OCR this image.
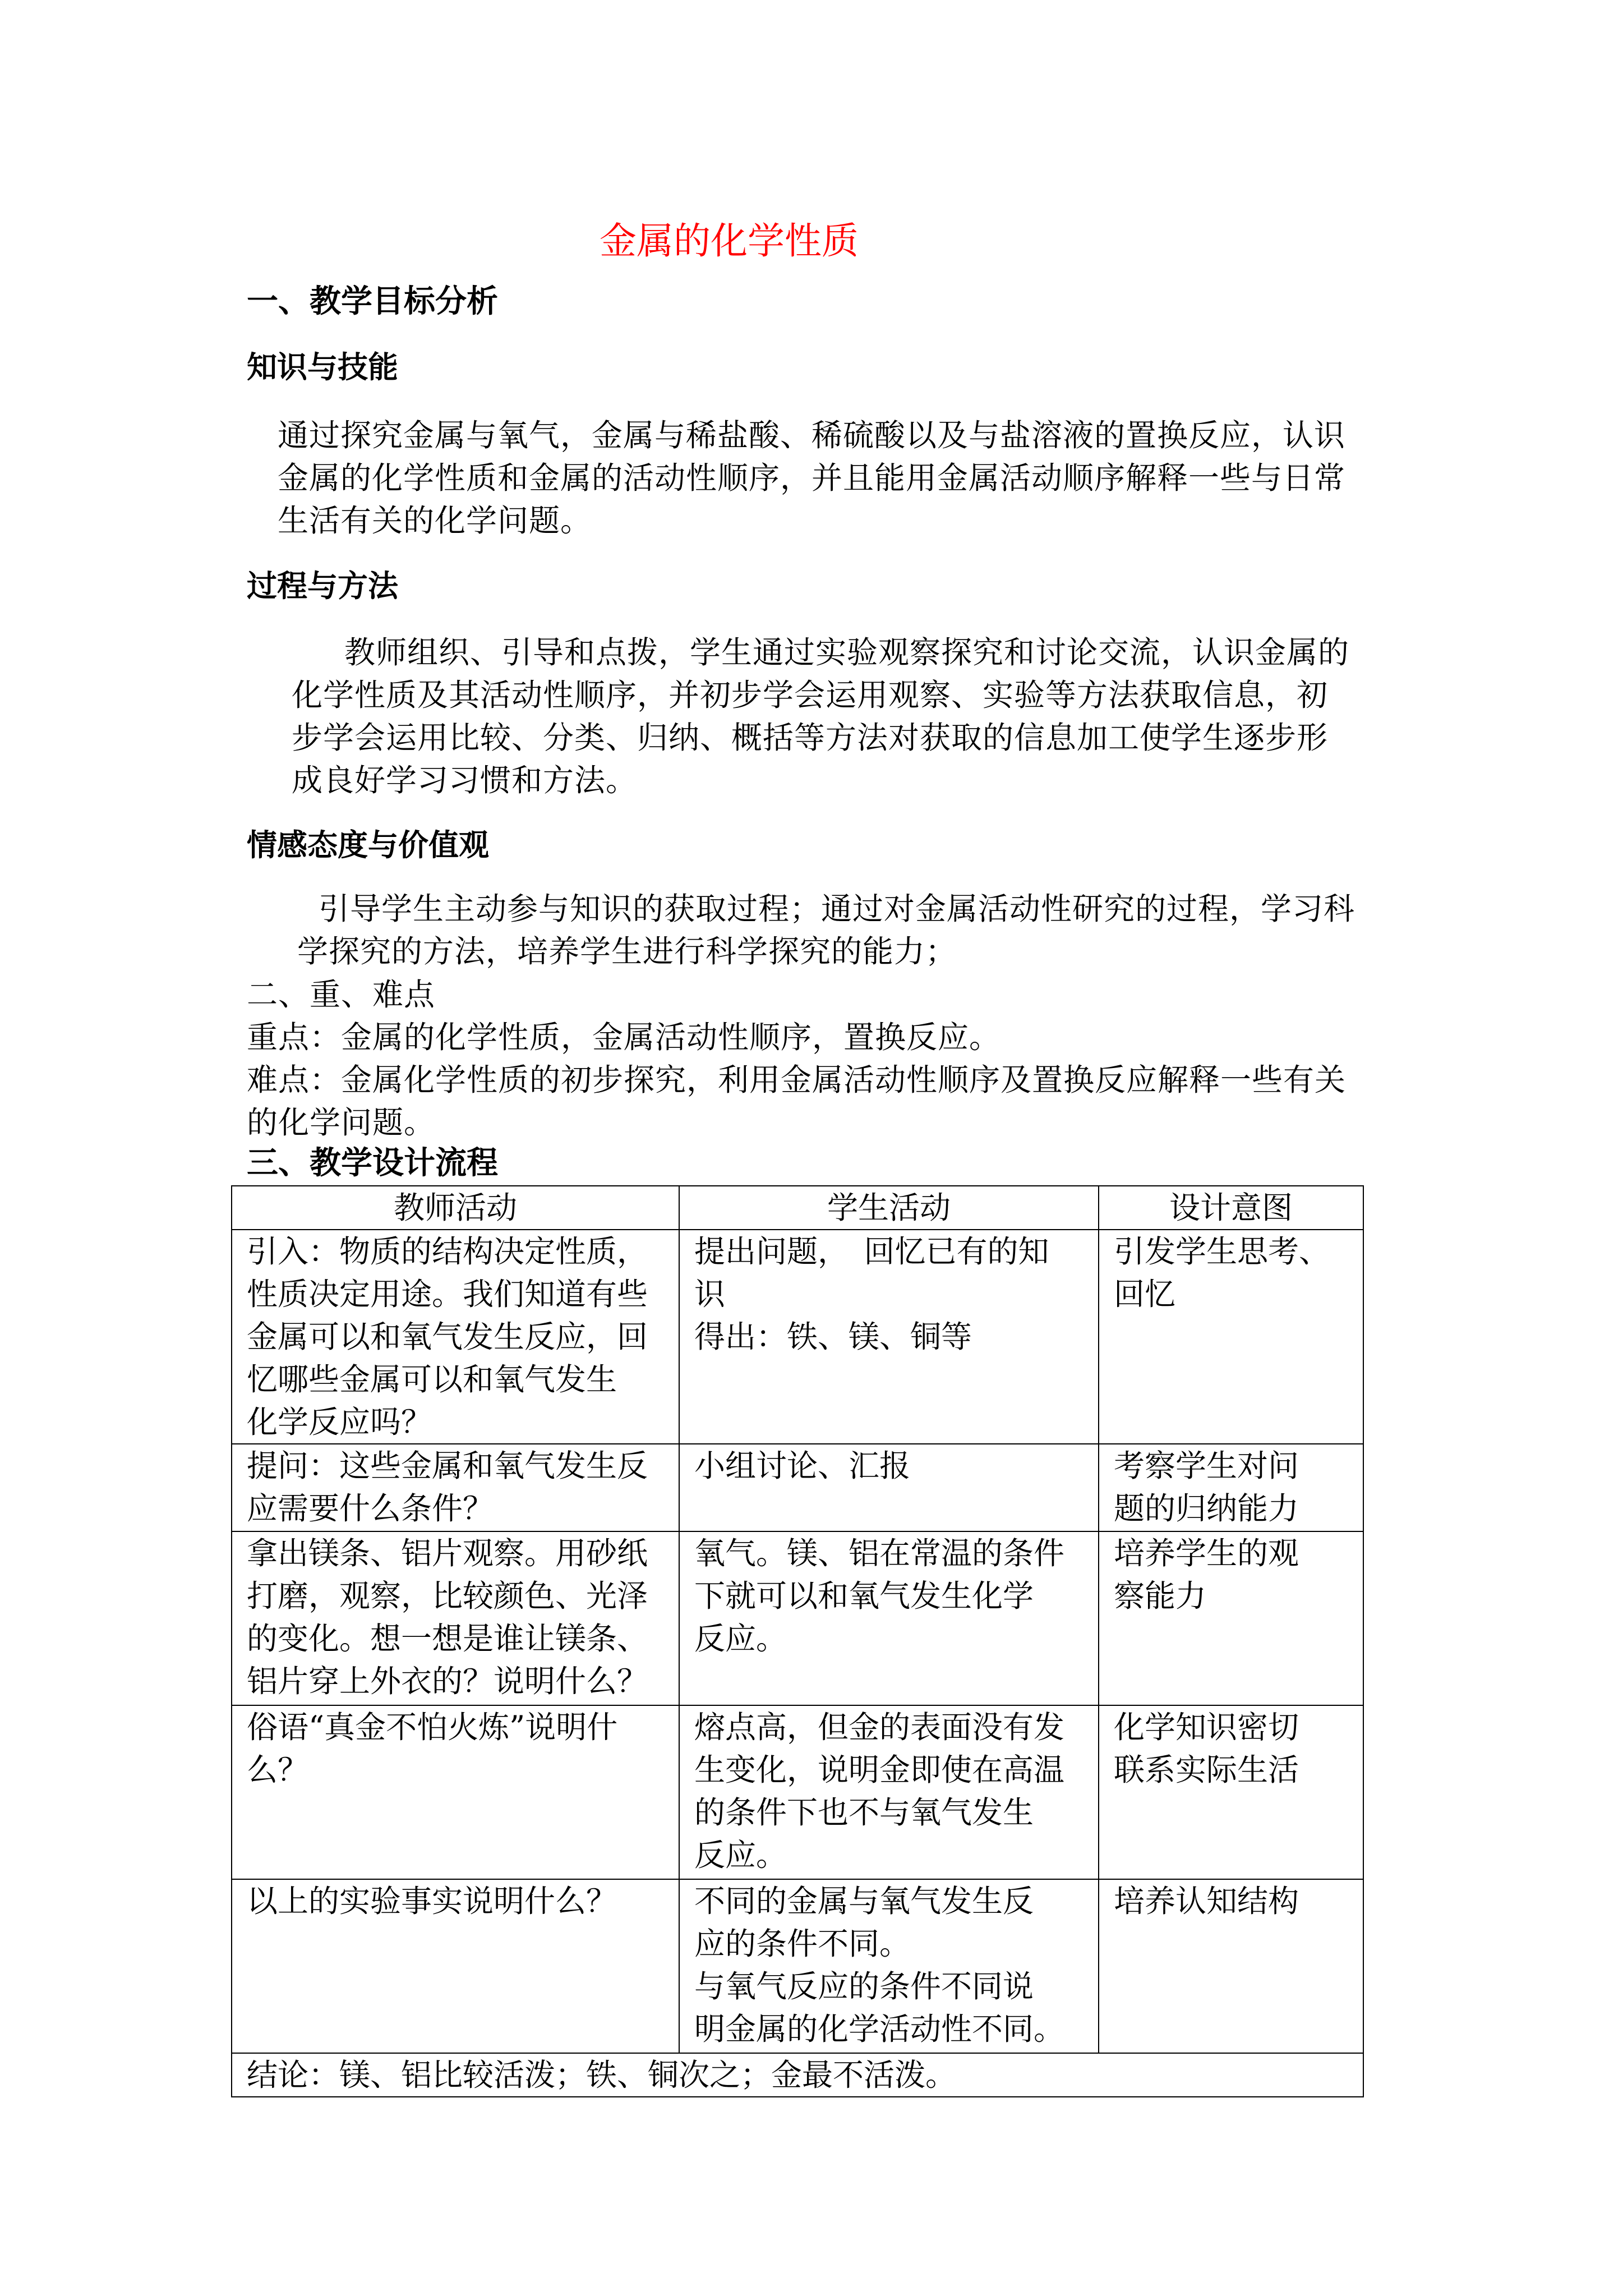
金属的化学性质
一、教学目标分析
知识与技能
通过探究金属与氧气，金属与稀盐酸、稀硫酸以及与盐溶液的置换反应，认识
金属的化学性质和金属的活动性顺序，并且能用金属活动顺序解释一些与日常
生活有关的化学问题。
过程与方法
教师组织、引导和点拨，学生通过实验观察探究和讨论交流，认识金属的
化学性质及其活动性顺序，并初步学会运用观察、实验等方法获取信息，初
步学会运用比较、分类、归纳、概括等方法对获取的信息加工使学生逐步形
成良好学习习惯和方法。
情感态度与价值观
引导学生主动参与知识的获取过程；通过对金属活动性研究的过程，学习科
学探究的方法，培养学生进行科学探究的能力；
二、重、难点
重点：金属的化学性质，金属活动性顺序，置换反应。
难点：金属化学性质的初步探究，利用金属活动性顺序及置换反应解释一些有关
的化学问题。
三、教学设计流程
教师活动	学生活动	设计意图

引入：物质的结构决定性质，
性质决定用途。我们知道有些
金属可以和氧气发生反应，回
忆哪些金属可以和氧气发生
化学反应吗？	提出问题，　回忆已有的知
识
得出：铁、镁、铜等	引发学生思考、
回忆

提问：这些金属和氧气发生反
应需要什么条件？	小组讨论、汇报	考察学生对问
题的归纳能力

拿出镁条、铝片观察。用砂纸
打磨，观察，比较颜色、光泽
的变化。想一想是谁让镁条、
铝片穿上外衣的？说明什么？	氧气。镁、铝在常温的条件
下就可以和氧气发生化学
反应。	培养学生的观
察能力

俗语“真金不怕火炼”说明什
么？	熔点高，但金的表面没有发
生变化，说明金即使在高温
的条件下也不与氧气发生
反应。	化学知识密切
联系实际生活

以上的实验事实说明什么？	不同的金属与氧气发生反
应的条件不同。
与氧气反应的条件不同说
明金属的化学活动性不同。	培养认知结构

结论：镁、铝比较活泼；铁、铜次之；金最不活泼。		
